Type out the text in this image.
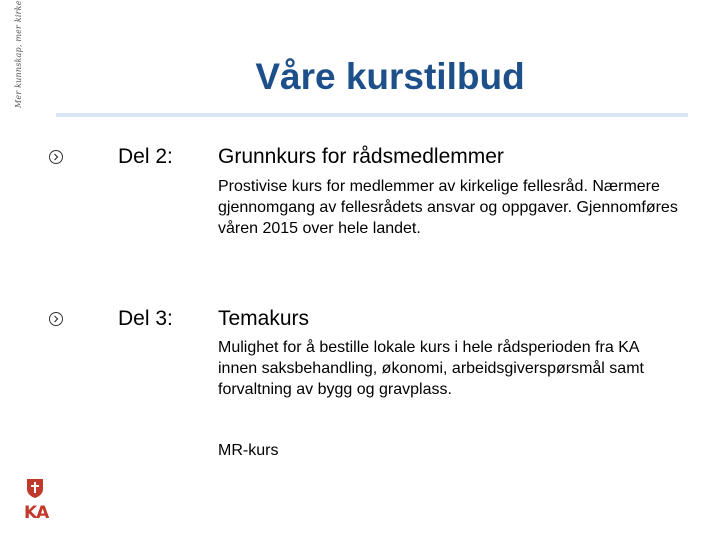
Mer kunnskap, mer kirke	Våre kurstilbud
Del 2: Grunnkurs for rådsmedlemmer
Prostivise kurs for medlemmer av kirkelige fellesråd. Nærmere gjennomgang av fellesrådets ansvar og oppgaver. Gjennomføres våren 2015 over hele landet.
Del 3: Temakurs
Mulighet for å bestille lokale kurs i hele rådsperioden fra KA innen saksbehandling, økonomi, arbeidsgiverspørsmål samt forvaltning av bygg og gravplass.
MR-kurs
KA
